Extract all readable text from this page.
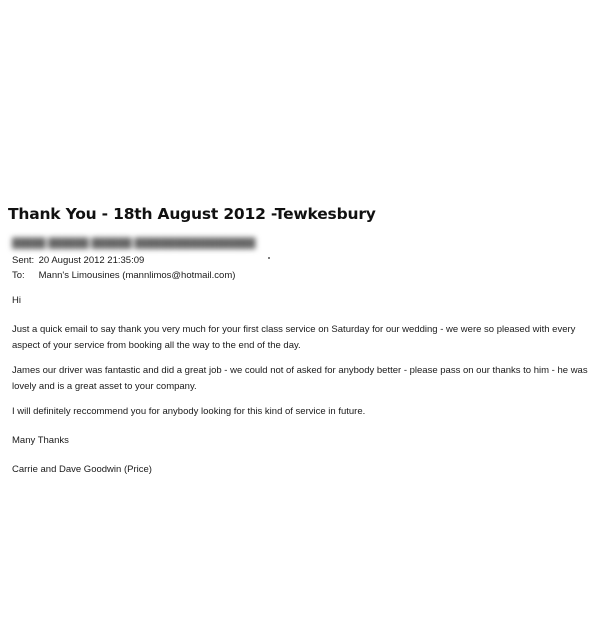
Thank You - 18th August 2012 -Tewkesbury
█████ ██████ ██████ ██████████████████
Sent: 20 August 2012 21:35:09
To: Mann's Limousines (mannlimos@hotmail.com)
Hi
Just a quick email to say thank you very much for your first class service on Saturday for our wedding - we were so pleased with every aspect of your service from booking all the way to the end of the day.
James our driver was fantastic and did a great job - we could not of asked for anybody better - please pass on our thanks to him - he was lovely and is a great asset to your company.
I will definitely reccommend you for anybody looking for this kind of service in future.
Many Thanks
Carrie and Dave Goodwin (Price)
